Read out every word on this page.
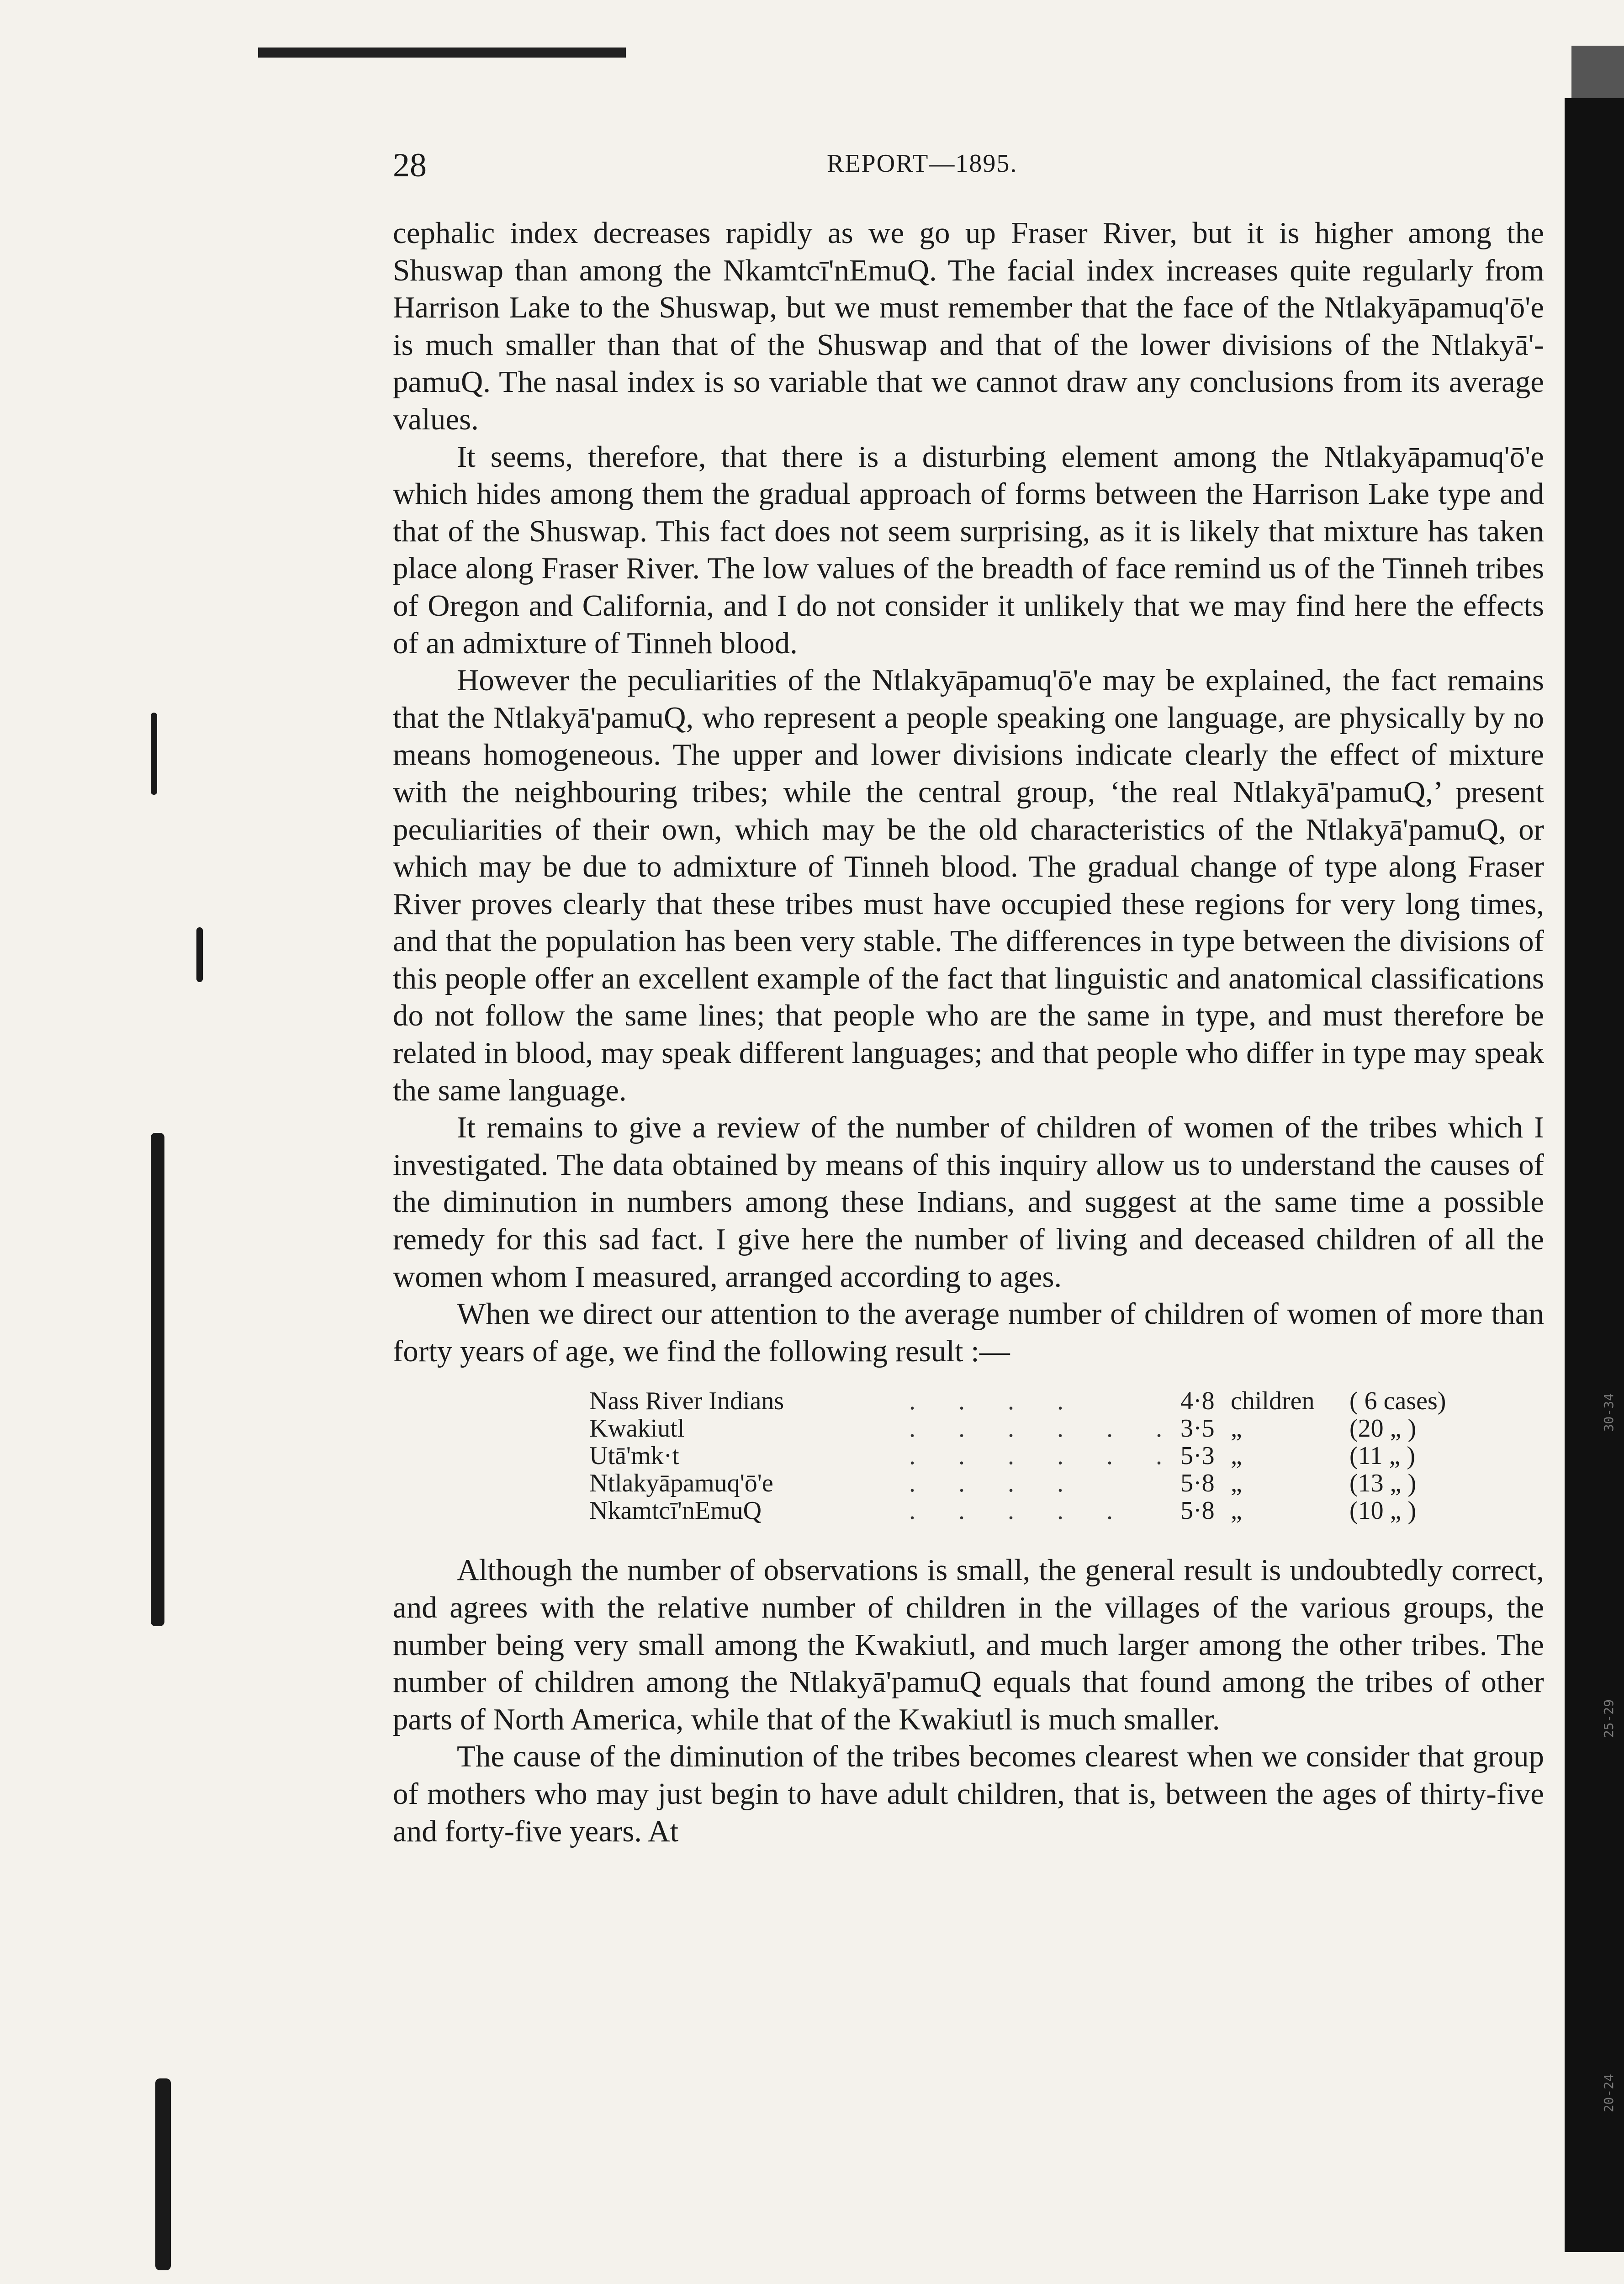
30-34
25-29
20-24
28	REPORT—1895.

cephalic index decreases rapidly as we go up Fraser River, but it is higher among the Shuswap than among the Nkamtcī'nEmuQ. The facial index increases quite regularly from Harrison Lake to the Shuswap, but we must remember that the face of the Ntlakyāpamuq'ō'e is much smaller than that of the Shuswap and that of the lower divisions of the Ntlakyā'-pamuQ. The nasal index is so variable that we cannot draw any conclusions from its average values.

It seems, therefore, that there is a disturbing element among the Ntlakyāpamuq'ō'e which hides among them the gradual approach of forms between the Harrison Lake type and that of the Shuswap. This fact does not seem surprising, as it is likely that mixture has taken place along Fraser River. The low values of the breadth of face remind us of the Tinneh tribes of Oregon and California, and I do not consider it unlikely that we may find here the effects of an admixture of Tinneh blood.

However the peculiarities of the Ntlakyāpamuq'ō'e may be explained, the fact remains that the Ntlakyā'pamuQ, who represent a people speaking one language, are physically by no means homogeneous. The upper and lower divisions indicate clearly the effect of mixture with the neighbouring tribes; while the central group, ‘the real Ntlakyā'pamuQ,’ present peculiarities of their own, which may be the old characteristics of the Ntlakyā'pamuQ, or which may be due to admixture of Tinneh blood. The gradual change of type along Fraser River proves clearly that these tribes must have occupied these regions for very long times, and that the population has been very stable. The differences in type between the divisions of this people offer an excellent example of the fact that linguistic and anatomical classifications do not follow the same lines; that people who are the same in type, and must therefore be related in blood, may speak different languages; and that people who differ in type may speak the same language.

It remains to give a review of the number of children of women of the tribes which I investigated. The data obtained by means of this inquiry allow us to understand the causes of the diminution in numbers among these Indians, and suggest at the same time a possible remedy for this sad fact. I give here the number of living and deceased children of all the women whom I measured, arranged according to ages.

When we direct our attention to the average number of children of women of more than forty years of age, we find the following result :—

Nass River Indians	. . . .	4·8	children	( 6 cases)
Kwakiutl	. . . . . .	3·5	„	(20 „ )
Utā'mk·t	. . . . . .	5·3	„	(11 „ )
Ntlakyāpamuq'ō'e	. . . .	5·8	„	(13 „ )
Nkamtcī'nEmuQ	. . . . .	5·8	„	(10 „ )

Although the number of observations is small, the general result is undoubtedly correct, and agrees with the relative number of children in the villages of the various groups, the number being very small among the Kwakiutl, and much larger among the other tribes. The number of children among the Ntlakyā'pamuQ equals that found among the tribes of other parts of North America, while that of the Kwakiutl is much smaller.

The cause of the diminution of the tribes becomes clearest when we consider that group of mothers who may just begin to have adult children, that is, between the ages of thirty-five and forty-five years. At
